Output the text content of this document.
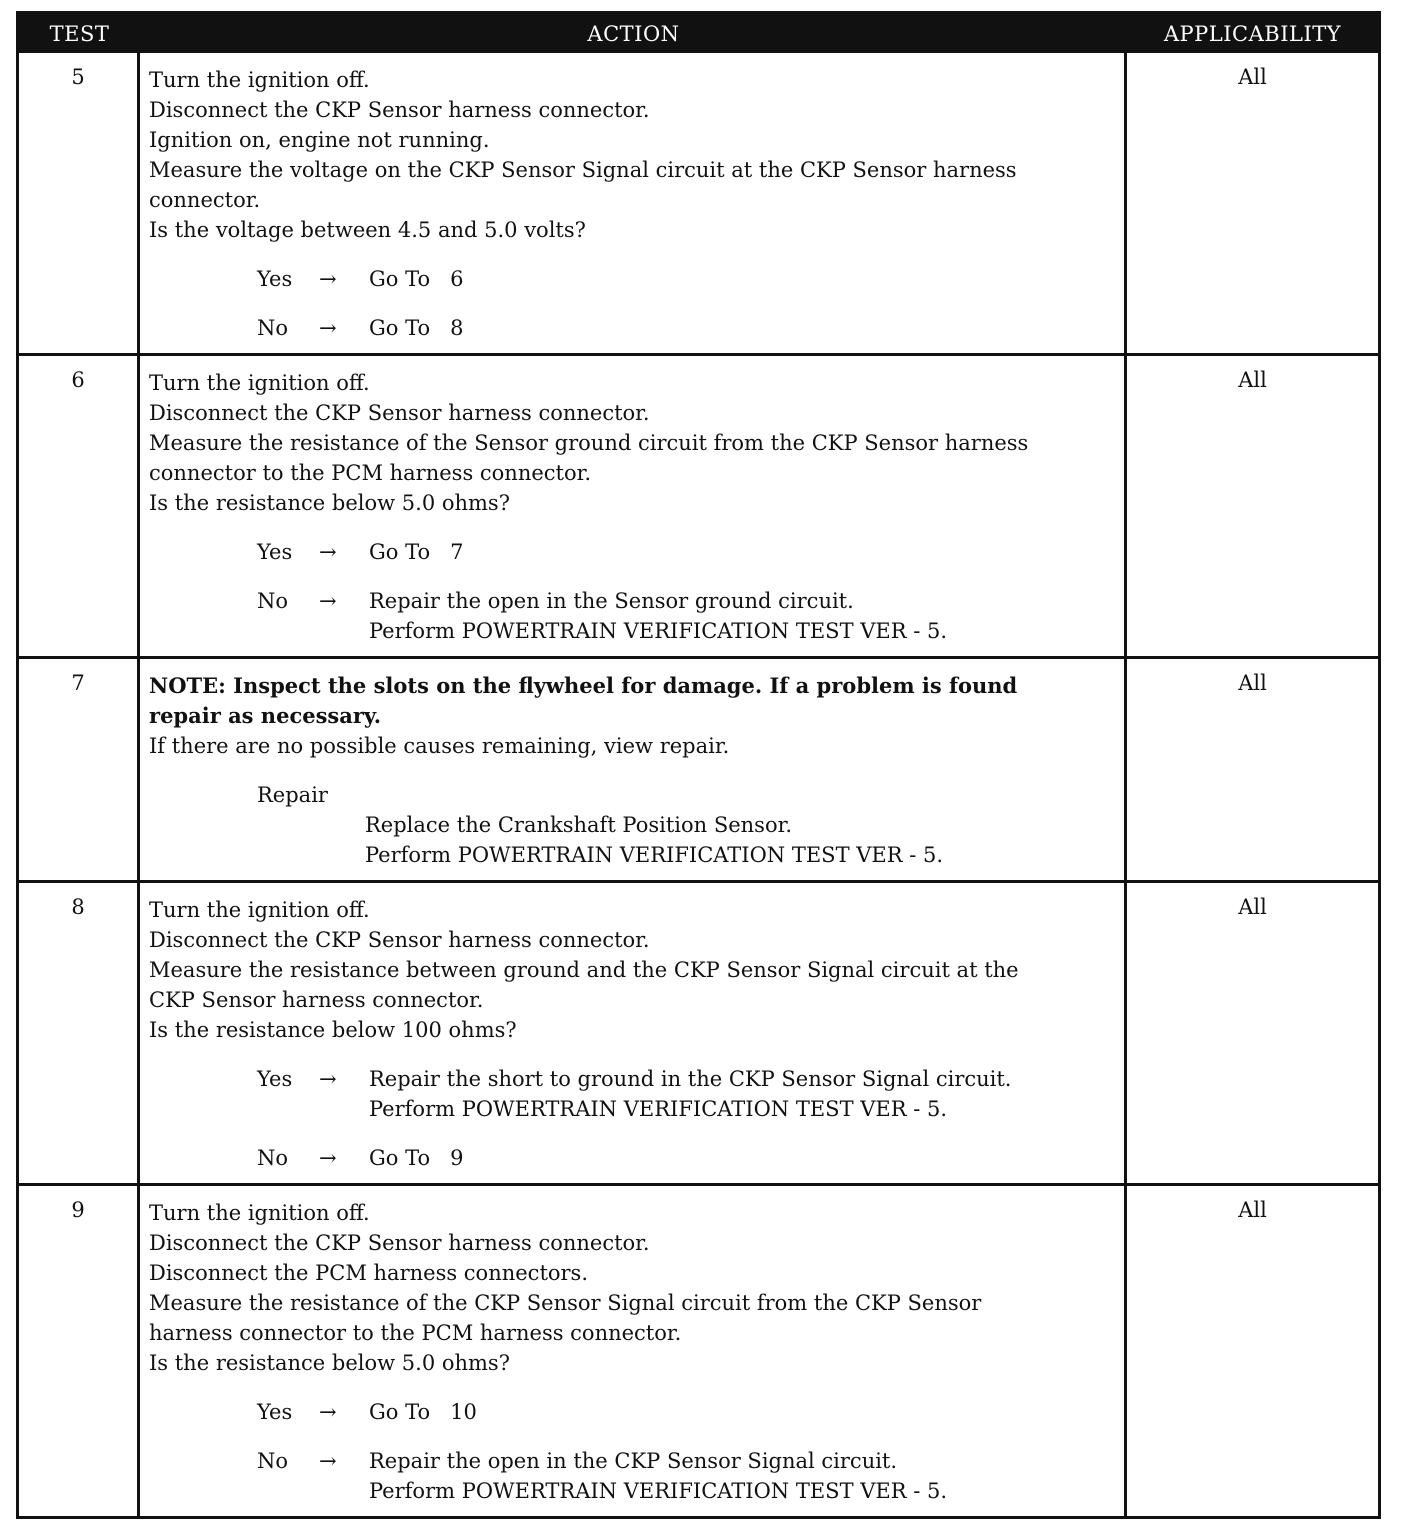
TEST	ACTION	APPLICABILITY
5	Turn the ignition off.
Disconnect the CKP Sensor harness connector.
Ignition on, engine not running.
Measure the voltage on the CKP Sensor Signal circuit at the CKP Sensor harness
connector.
Is the voltage between 4.5 and 5.0 volts?
Yes	→	Go To   6
No	→	Go To   8
All
6	Turn the ignition off.
Disconnect the CKP Sensor harness connector.
Measure the resistance of the Sensor ground circuit from the CKP Sensor harness
connector to the PCM harness connector.
Is the resistance below 5.0 ohms?
Yes	→	Go To   7
No	→	Repair the open in the Sensor ground circuit.
Perform POWERTRAIN VERIFICATION TEST VER - 5.
All
7	NOTE: Inspect the slots on the flywheel for damage. If a problem is found
repair as necessary.
If there are no possible causes remaining, view repair.
Repair
Replace the Crankshaft Position Sensor.
Perform POWERTRAIN VERIFICATION TEST VER - 5.
All
8	Turn the ignition off.
Disconnect the CKP Sensor harness connector.
Measure the resistance between ground and the CKP Sensor Signal circuit at the
CKP Sensor harness connector.
Is the resistance below 100 ohms?
Yes	→	Repair the short to ground in the CKP Sensor Signal circuit.
Perform POWERTRAIN VERIFICATION TEST VER - 5.
No	→	Go To   9
All
9	Turn the ignition off.
Disconnect the CKP Sensor harness connector.
Disconnect the PCM harness connectors.
Measure the resistance of the CKP Sensor Signal circuit from the CKP Sensor
harness connector to the PCM harness connector.
Is the resistance below 5.0 ohms?
Yes	→	Go To   10
No	→	Repair the open in the CKP Sensor Signal circuit.
Perform POWERTRAIN VERIFICATION TEST VER - 5.
All
